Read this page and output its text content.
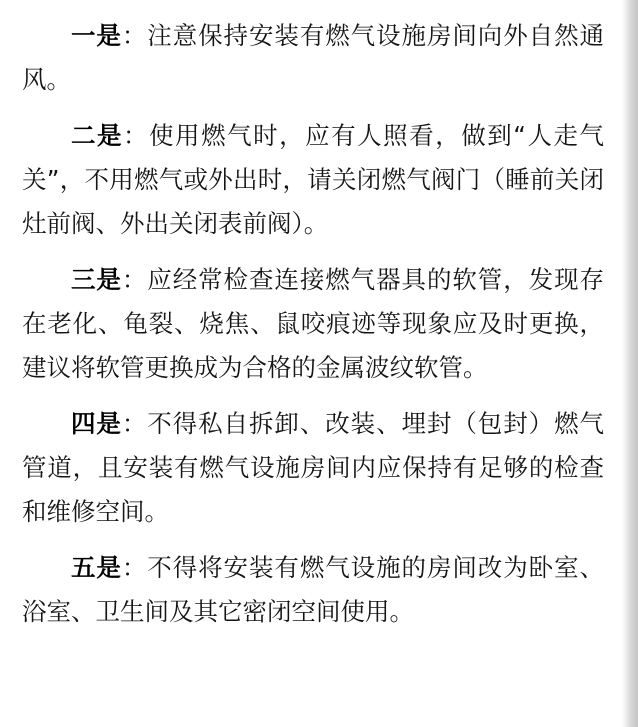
一是：注意保持安装有燃气设施房间向外自然通风。

二是：使用燃气时，应有人照看，做到“人走气关”，不用燃气或外出时，请关闭燃气阀门（睡前关闭灶前阀、外出关闭表前阀）。

三是：应经常检查连接燃气器具的软管，发现存在老化、龟裂、烧焦、鼠咬痕迹等现象应及时更换，建议将软管更换成为合格的金属波纹软管。

四是：不得私自拆卸、改装、埋封（包封）燃气管道，且安装有燃气设施房间内应保持有足够的检查和维修空间。

五是：不得将安装有燃气设施的房间改为卧室、浴室、卫生间及其它密闭空间使用。
